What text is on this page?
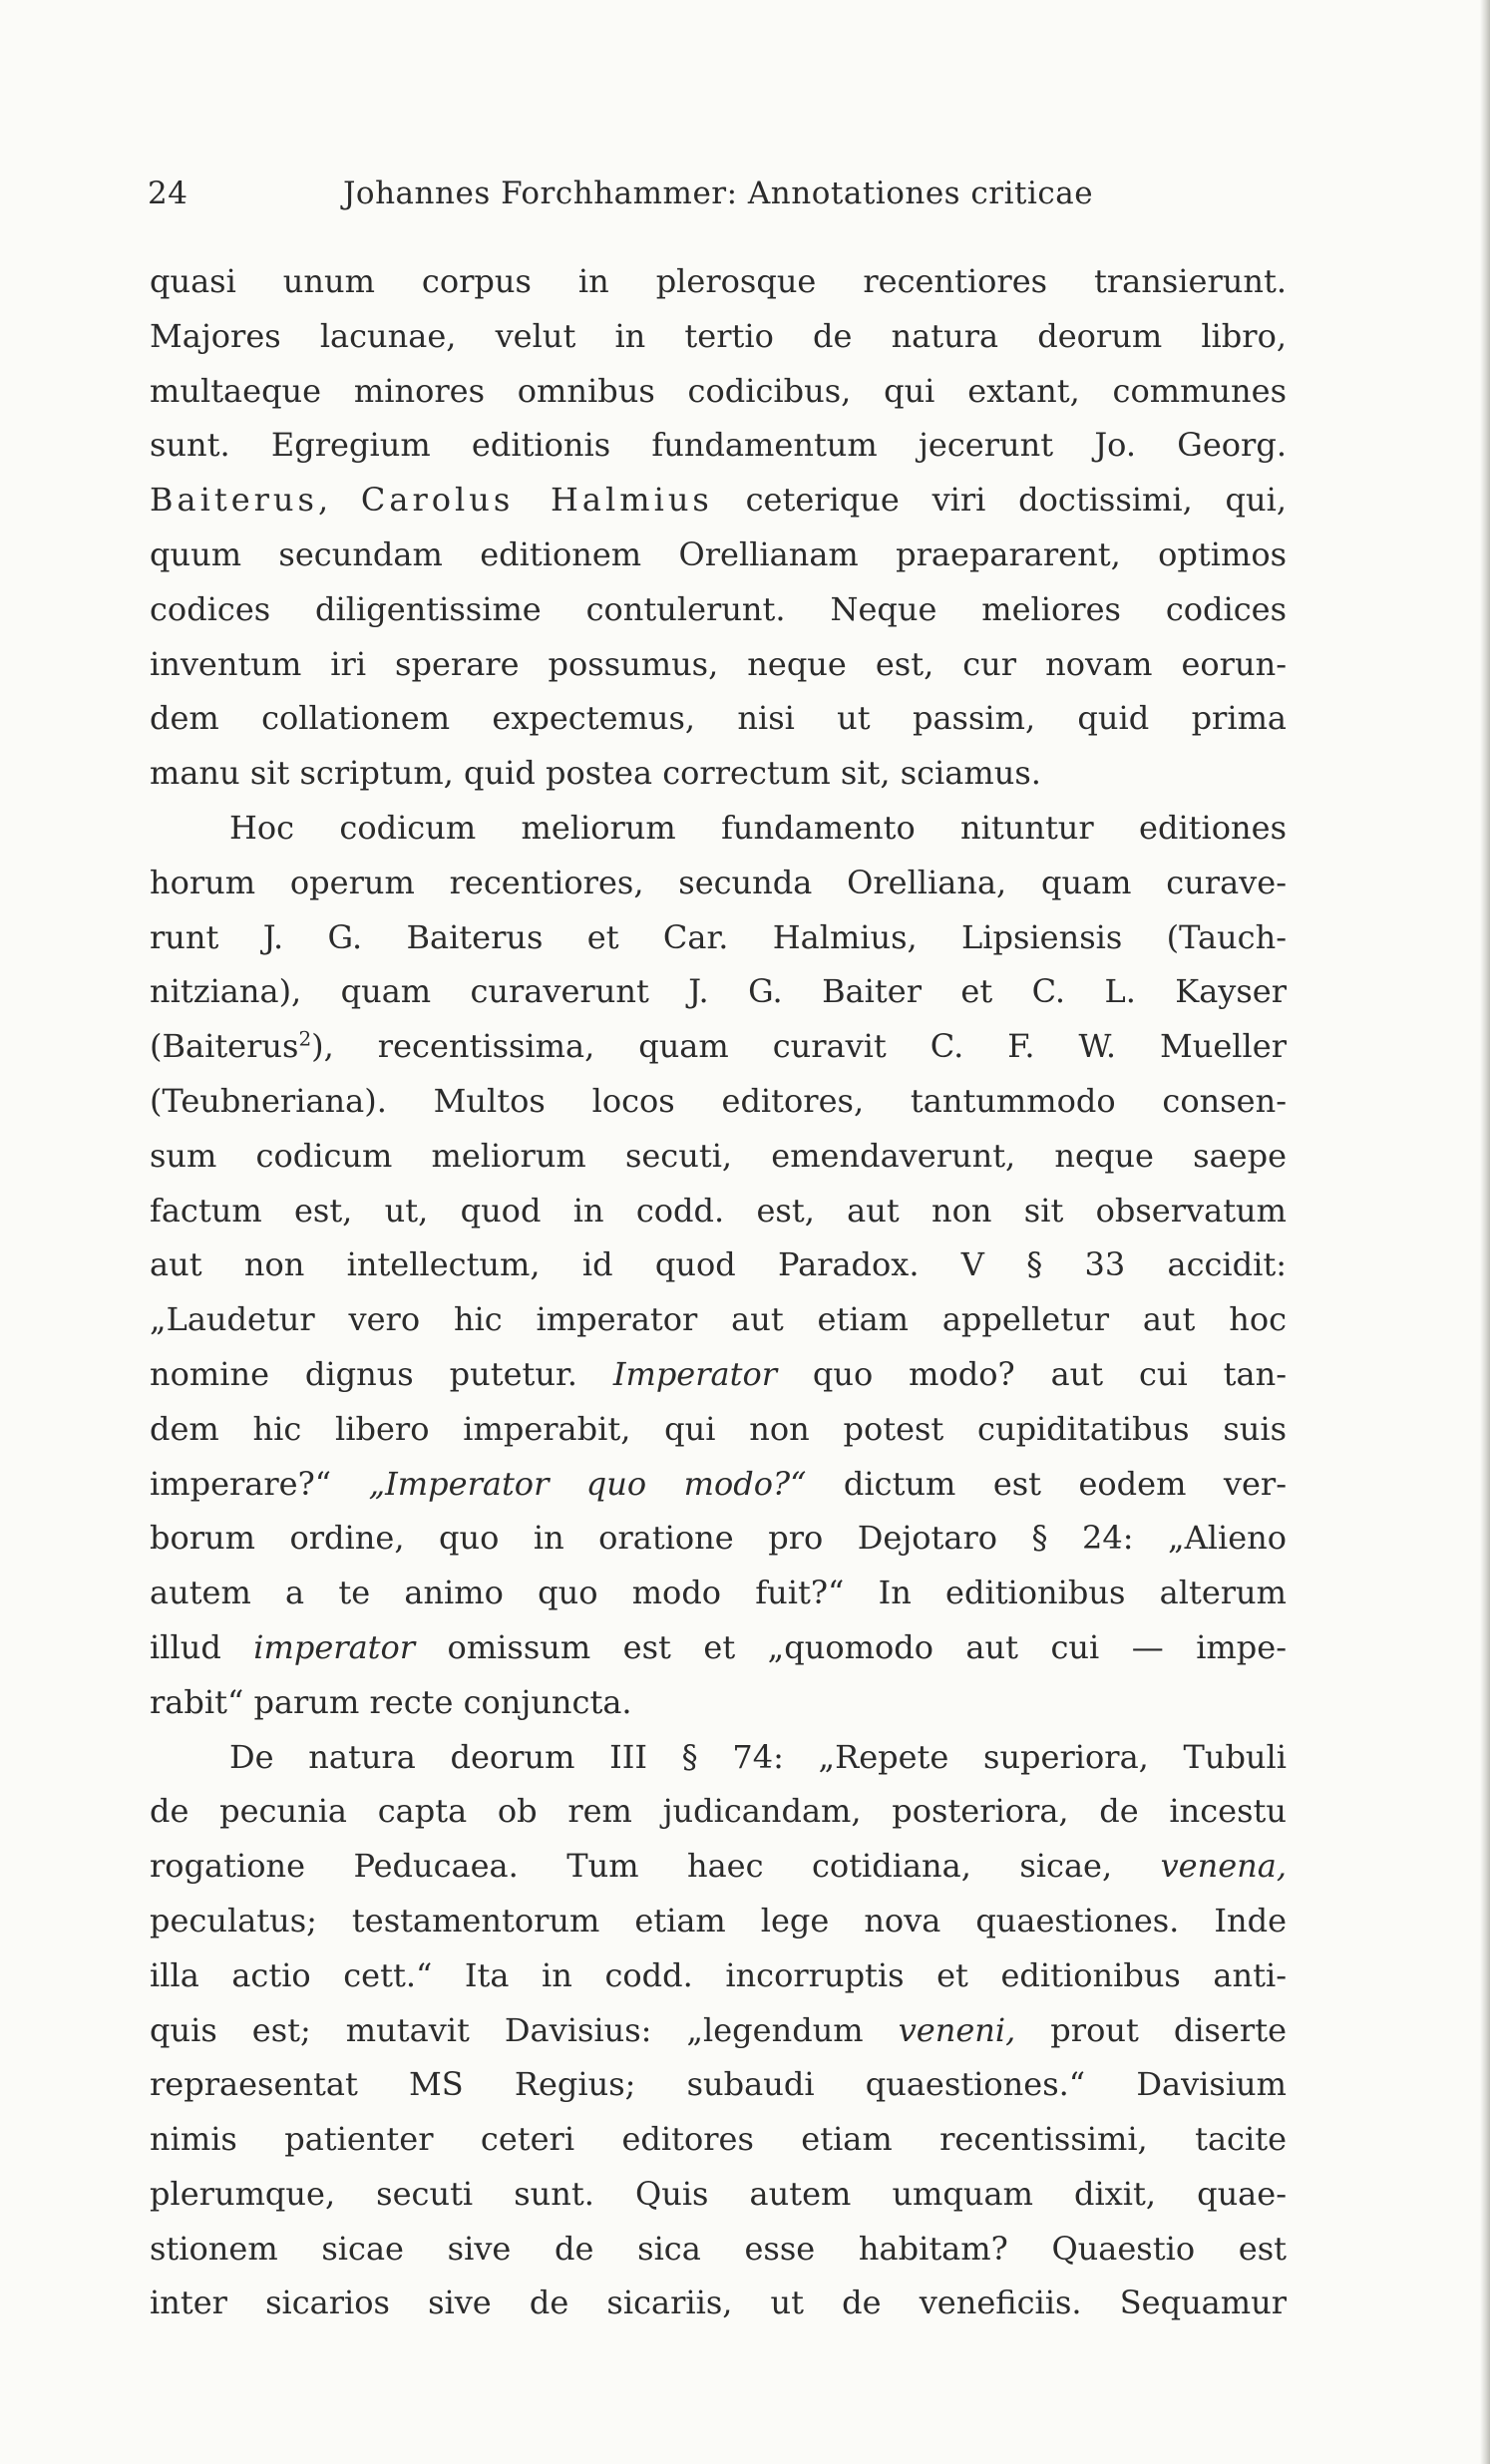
24	Johannes Forchhammer: Annotationes criticae
quasi unum corpus in plerosque recentiores transierunt.
Majores lacunae, velut in tertio de natura deorum libro,
multaeque minores omnibus codicibus, qui extant, communes
sunt. Egregium editionis fundamentum jecerunt Jo. Georg.
Baiterus, Carolus Halmius ceterique viri doctissimi, qui,
quum secundam editionem Orellianam praepararent, optimos
codices diligentissime contulerunt. Neque meliores codices
inventum iri sperare possumus, neque est, cur novam eorun-
dem collationem expectemus, nisi ut passim, quid prima
manu sit scriptum, quid postea correctum sit, sciamus.
Hoc codicum meliorum fundamento nituntur editiones
horum operum recentiores, secunda Orelliana, quam curave-
runt J. G. Baiterus et Car. Halmius, Lipsiensis (Tauch-
nitziana), quam curaverunt J. G. Baiter et C. L. Kayser
(Baiterus$^2$), recentissima, quam curavit C. F. W. Mueller
(Teubneriana). Multos locos editores, tantummodo consen-
sum codicum meliorum secuti, emendaverunt, neque saepe
factum est, ut, quod in codd. est, aut non sit observatum
aut non intellectum, id quod Paradox. V § 33 accidit:
„Laudetur vero hic imperator aut etiam appelletur aut hoc
nomine dignus putetur. Imperator quo modo? aut cui tan-
dem hic libero imperabit, qui non potest cupiditatibus suis
imperare?“ „Imperator quo modo?“ dictum est eodem ver-
borum ordine, quo in oratione pro Dejotaro § 24: „Alieno
autem a te animo quo modo fuit?“ In editionibus alterum
illud imperator omissum est et „quomodo aut cui — impe-
rabit“ parum recte conjuncta.
De natura deorum III § 74: „Repete superiora, Tubuli
de pecunia capta ob rem judicandam, posteriora, de incestu
rogatione Peducaea. Tum haec cotidiana, sicae, venena,
peculatus; testamentorum etiam lege nova quaestiones. Inde
illa actio cett.“ Ita in codd. incorruptis et editionibus anti-
quis est; mutavit Davisius: „legendum veneni, prout diserte
repraesentat MS Regius; subaudi quaestiones.“ Davisium
nimis patienter ceteri editores etiam recentissimi, tacite
plerumque, secuti sunt. Quis autem umquam dixit, quae-
stionem sicae sive de sica esse habitam? Quaestio est
inter sicarios sive de sicariis, ut de veneficiis. Sequamur
